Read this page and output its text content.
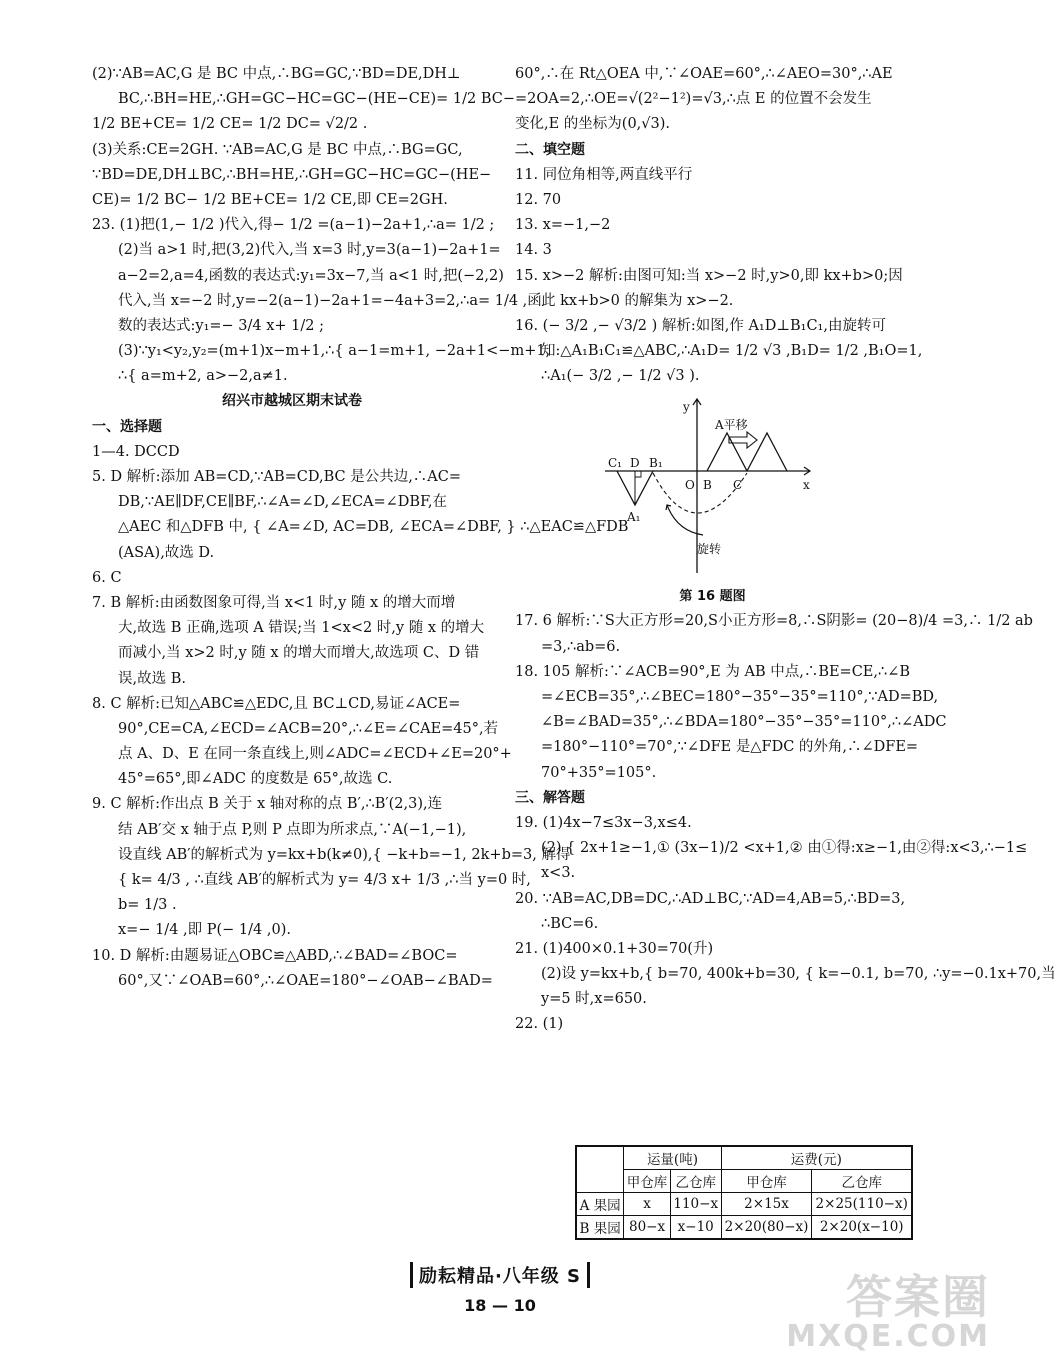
(2)∵AB=AC,G 是 BC 中点,∴BG=GC,∵BD=DE,DH⊥
BC,∴BH=HE,∴GH=GC−HC=GC−(HE−CE)= 1/2 BC−
1/2 BE+CE= 1/2 CE= 1/2 DC= √2/2 .
(3)关系:CE=2GH. ∵AB=AC,G 是 BC 中点,∴BG=GC,
∵BD=DE,DH⊥BC,∴BH=HE,∴GH=GC−HC=GC−(HE−
CE)= 1/2 BC− 1/2 BE+CE= 1/2 CE,即 CE=2GH.
23. (1)把(1,− 1/2 )代入,得− 1/2 =(a−1)−2a+1,∴a= 1/2 ;
(2)当 a>1 时,把(3,2)代入,当 x=3 时,y=3(a−1)−2a+1=
a−2=2,a=4,函数的表达式:y₁=3x−7,当 a<1 时,把(−2,2)
代入,当 x=−2 时,y=−2(a−1)−2a+1=−4a+3=2,∴a= 1/4 ,函
数的表达式:y₁=− 3/4 x+ 1/2 ;
(3)∵y₁<y₂,y₂=(m+1)x−m+1,∴{ a−1=m+1, −2a+1<−m+1,
∴{ a=m+2, a>−2,a≠1.
绍兴市越城区期末试卷
一、选择题
1—4. DCCD
5. D 解析:添加 AB=CD,∵AB=CD,BC 是公共边,∴AC=
DB,∵AE∥DF,CE∥BF,∴∠A=∠D,∠ECA=∠DBF,在
△AEC 和△DFB 中, { ∠A=∠D, AC=DB, ∠ECA=∠DBF, } ∴△EAC≌△FDB
(ASA),故选 D.
6. C
7. B 解析:由函数图象可得,当 x<1 时,y 随 x 的增大而增
大,故选 B 正确,选项 A 错误;当 1<x<2 时,y 随 x 的增大
而减小,当 x>2 时,y 随 x 的增大而增大,故选项 C、D 错
误,故选 B.
8. C 解析:已知△ABC≌△EDC,且 BC⊥CD,易证∠ACE=
90°,CE=CA,∠ECD=∠ACB=20°,∴∠E=∠CAE=45°,若
点 A、D、E 在同一条直线上,则∠ADC=∠ECD+∠E=20°+
45°=65°,即∠ADC 的度数是 65°,故选 C.
9. C 解析:作出点 B 关于 x 轴对称的点 B′,∴B′(2,3),连
结 AB′交 x 轴于点 P,则 P 点即为所求点,∵A(−1,−1),
设直线 AB′的解析式为 y=kx+b(k≠0),{ −k+b=−1, 2k+b=3, 解得
{ k= 4/3 , ∴直线 AB′的解析式为 y= 4/3 x+ 1/3 ,∴当 y=0 时,
b= 1/3 .
x=− 1/4 ,即 P(− 1/4 ,0).
10. D 解析:由题易证△OBC≌△ABD,∴∠BAD=∠BOC=
60°,又∵∠OAB=60°,∴∠OAE=180°−∠OAB−∠BAD=
60°,∴在 Rt△OEA 中,∵∠OAE=60°,∴∠AEO=30°,∴AE
=2OA=2,∴OE=√(2²−1²)=√3,∴点 E 的位置不会发生
变化,E 的坐标为(0,√3).
二、填空题
11. 同位角相等,两直线平行
12. 70
13. x=−1,−2
14. 3
15. x>−2 解析:由图可知:当 x>−2 时,y>0,即 kx+b>0;因
此 kx+b>0 的解集为 x>−2.
16. (− 3/2 ,− √3/2 ) 解析:如图,作 A₁D⊥B₁C₁,由旋转可
知:△A₁B₁C₁≌△ABC,∴A₁D= 1/2 √3 ,B₁D= 1/2 ,B₁O=1,
∴A₁(− 3/2 ,− 1/2 √3 ).
y
x
O B C
C₁ D B₁
A₁
A平移
旋转
第 16 题图
17. 6 解析:∵S大正方形=20,S小正方形=8,∴S阴影= (20−8)/4 =3,∴ 1/2 ab
=3,∴ab=6.
18. 105 解析:∵∠ACB=90°,E 为 AB 中点,∴BE=CE,∴∠B
=∠ECB=35°,∴∠BEC=180°−35°−35°=110°,∵AD=BD,
∠B=∠BAD=35°,∴∠BDA=180°−35°−35°=110°,∴∠ADC
=180°−110°=70°,∵∠DFE 是△FDC 的外角,∴∠DFE=
70°+35°=105°.
三、解答题
19. (1)4x−7≤3x−3,x≤4.
(2) { 2x+1≥−1,① (3x−1)/2 <x+1,② 由①得:x≥−1,由②得:x<3,∴−1≤
x<3.
20. ∵AB=AC,DB=DC,∴AD⊥BC,∵AD=4,AB=5,∴BD=3,
∴BC=6.
21. (1)400×0.1+30=70(升)
(2)设 y=kx+b,{ b=70, 400k+b=30, { k=−0.1, b=70, ∴y=−0.1x+70,当
y=5 时,x=650.
22. (1)
	运量(吨)		运费(元)	
	甲仓库	乙仓库	甲仓库	乙仓库
A 果园	x	110−x	2×15x	2×25(110−x)
B 果园	80−x	x−10	2×20(80−x)	2×20(x−10)
励耘精品·八年级 S
18 — 10	答案圈
MXQE.COM
